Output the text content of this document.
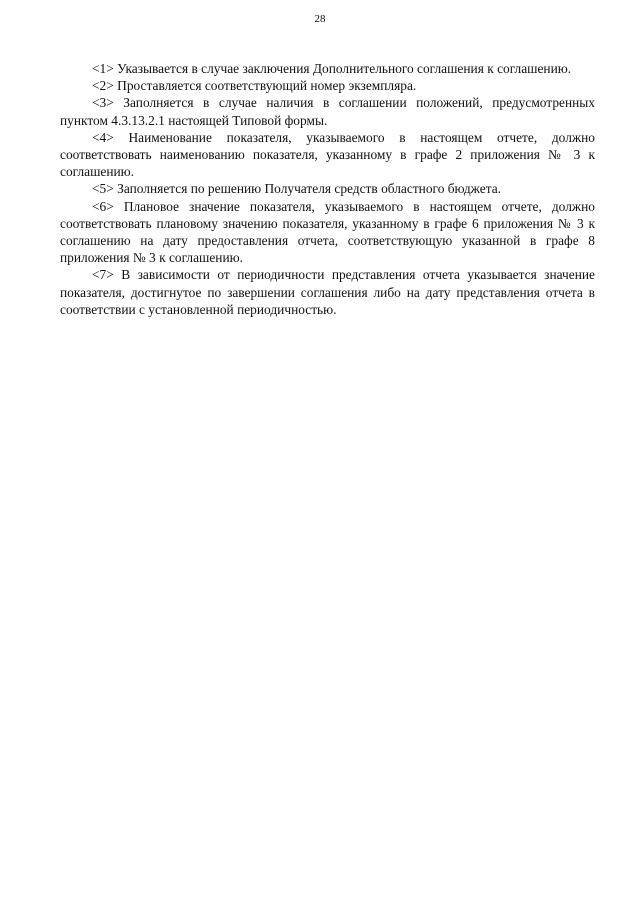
28

<1> Указывается в случае заключения Дополнительного соглашения к соглашению.

<2> Проставляется соответствующий номер экземпляра.

<3> Заполняется в случае наличия в соглашении положений, предусмотренных пунктом 4.3.13.2.1 настоящей Типовой формы.

<4> Наименование показателя, указываемого в настоящем отчете, должно соответствовать наименованию показателя, указанному в графе 2 приложения № 3 к соглашению.

<5> Заполняется по решению Получателя средств областного бюджета.

<6> Плановое значение показателя, указываемого в настоящем отчете, должно соответствовать плановому значению показателя, указанному в графе 6 приложения № 3 к соглашению на дату предоставления отчета, соответствующую указанной в графе 8 приложения № 3 к соглашению.

<7> В зависимости от периодичности представления отчета указывается значение показателя, достигнутое по завершении соглашения либо на дату представления отчета в соответствии с установленной периодичностью.
